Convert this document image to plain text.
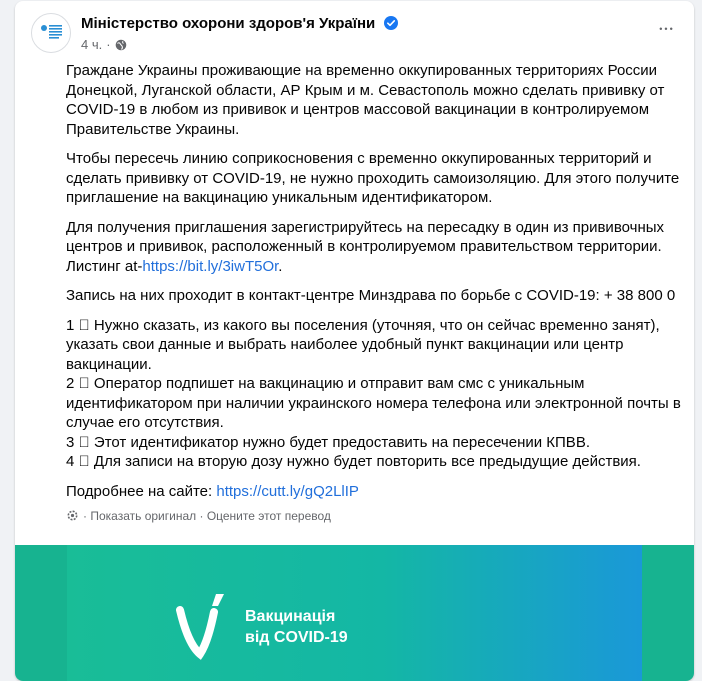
Міністерство охорони здоров'я України
4 ч. ·
•••

Граждане Украины проживающие на временно оккупированных территориях России Донецкой, Луганской области, АР Крым и м. Севастополь можно сделать прививку от COVID-19 в любом из прививок и центров массовой вакцинации в контролируемом Правительстве Украины.

Чтобы пересечь линию соприкосновения с временно оккупированных территорий и сделать прививку от COVID-19, не нужно проходить самоизоляцию. Для этого получите приглашение на вакцинацию уникальным идентификатором.

Для получения приглашения зарегистрируйтесь на пересадку в один из прививочных центров и прививок, расположенный в контролируемом правительством территории. Листинг at-https://bit.ly/3iwT5Or.

Запись на них проходит в контакт-центре Минздрава по борьбе с COVID-19: + 38 800 0

1 ️⃣ Нужно сказать, из какого вы поселения (уточняя, что он сейчас временно занят), указать свои данные и выбрать наиболее удобный пункт вакцинации или центр вакцинации.
2 ️⃣ Оператор подпишет на вакцинацию и отправит вам смс с уникальным идентификатором при наличии украинского номера телефона или электронной почты в случае его отсутствия.
3 ️⃣ Этот идентификатор нужно будет предоставить на пересечении КПВВ.
4 ️⃣ Для записи на вторую дозу нужно будет повторить все предыдущие действия.

Подробнее на сайте: https://cutt.ly/gQ2LlIP

· Показать оригинал · Оцените этот перевод
Вакцинація
від COVID-19
